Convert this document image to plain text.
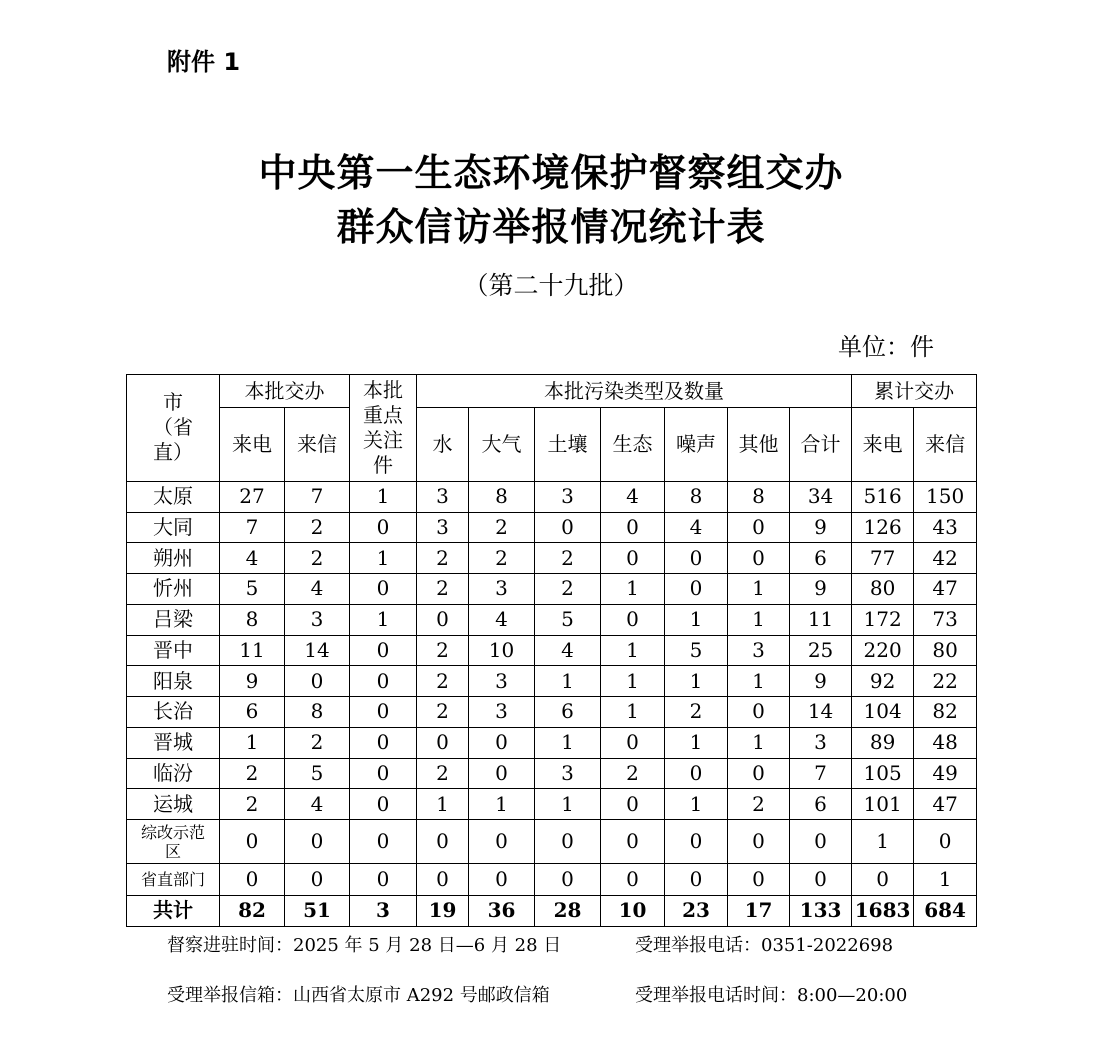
附件 1
中央第一生态环境保护督察组交办
群众信访举报情况统计表
（第二十九批）
单位：件
市（省直）	本批交办		本批重点关注件	本批污染类型及数量							累计交办	
	来电	来信		水	大气	土壤	生态	噪声	其他	合计	来电	来信
太原	27	7	1	3	8	3	4	8	8	34	516	150
大同	7	2	0	3	2	0	0	4	0	9	126	43
朔州	4	2	1	2	2	2	0	0	0	6	77	42
忻州	5	4	0	2	3	2	1	0	1	9	80	47
吕梁	8	3	1	0	4	5	0	1	1	11	172	73
晋中	11	14	0	2	10	4	1	5	3	25	220	80
阳泉	9	0	0	2	3	1	1	1	1	9	92	22
长治	6	8	0	2	3	6	1	2	0	14	104	82
晋城	1	2	0	0	0	1	0	1	1	3	89	48
临汾	2	5	0	2	0	3	2	0	0	7	105	49
运城	2	4	0	1	1	1	0	1	2	6	101	47
综改示范区	0	0	0	0	0	0	0	0	0	0	1	0
省直部门	0	0	0	0	0	0	0	0	0	0	0	1
共计	82	51	3	19	36	28	10	23	17	133	1683	684
督察进驻时间：2025 年 5 月 28 日—6 月 28 日	受理举报电话：0351-2022698
受理举报信箱：山西省太原市 A292 号邮政信箱	受理举报电话时间：8:00—20:00
